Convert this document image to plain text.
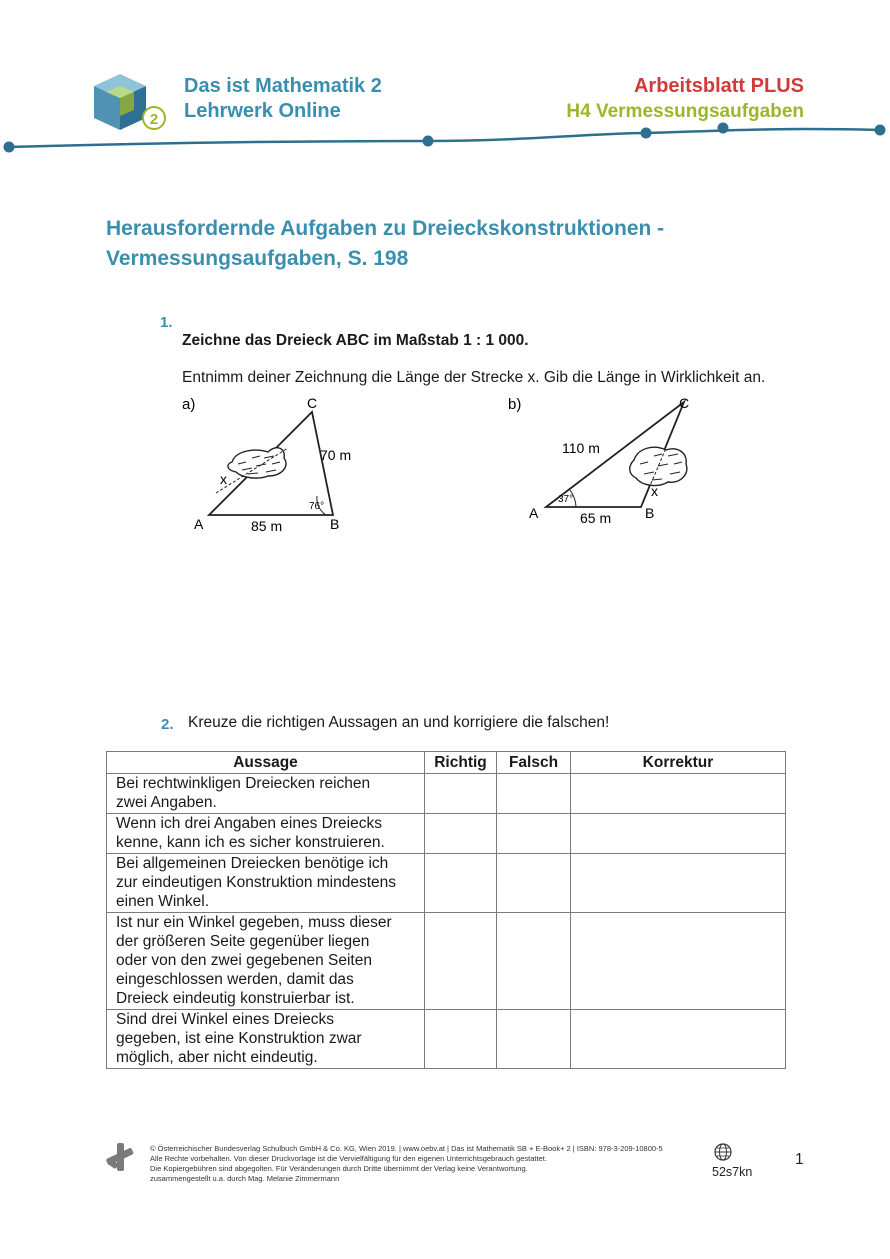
2
Das ist Mathematik 2
Lehrwerk Online
Arbeitsblatt PLUS
H4 Vermessungsaufgaben
Herausfordernde Aufgaben zu Dreieckskonstruktionen -
Vermessungsaufgaben, S. 198
1.
Zeichne das Dreieck ABC im Maßstab 1 : 1 000.
Entnimm deiner Zeichnung die Länge der Strecke x. Gib die Länge in Wirklichkeit an.
a)
x
A	B
C
85 m
70 m
76°
b)
x
A	B
C
65 m
110 m
37°
2. Kreuze die richtigen Aussagen an und korrigiere die falschen!
Aussage	Richtig	Falsch	Korrektur

Bei rechtwinkligen Dreiecken reichen
zwei Angaben.			

Wenn ich drei Angaben eines Dreiecks
kenne, kann ich es sicher konstruieren.			

Bei allgemeinen Dreiecken benötige ich
zur eindeutigen Konstruktion mindestens
einen Winkel.			

Ist nur ein Winkel gegeben, muss dieser
der größeren Seite gegenüber liegen
oder von den zwei gegebenen Seiten
eingeschlossen werden, damit das
Dreieck eindeutig konstruierbar ist.			

Sind drei Winkel eines Dreiecks
gegeben, ist eine Konstruktion zwar
möglich, aber nicht eindeutig.			

© Österreichischer Bundesverlag Schulbuch GmbH & Co. KG, Wien 2019. | www.oebv.at | Das ist Mathematik SB + E-Book+ 2 | ISBN: 978-3-209-10800-5
Alle Rechte vorbehalten. Von dieser Druckvorlage ist die Vervielfältigung für den eigenen Unterrichtsgebrauch gestattet.
Die Kopiergebühren sind abgegolten. Für Veränderungen durch Dritte übernimmt der Verlag keine Verantwortung.
zusammengestellt u.a. durch Mag. Melanie Zimmermann	52s7kn
1
